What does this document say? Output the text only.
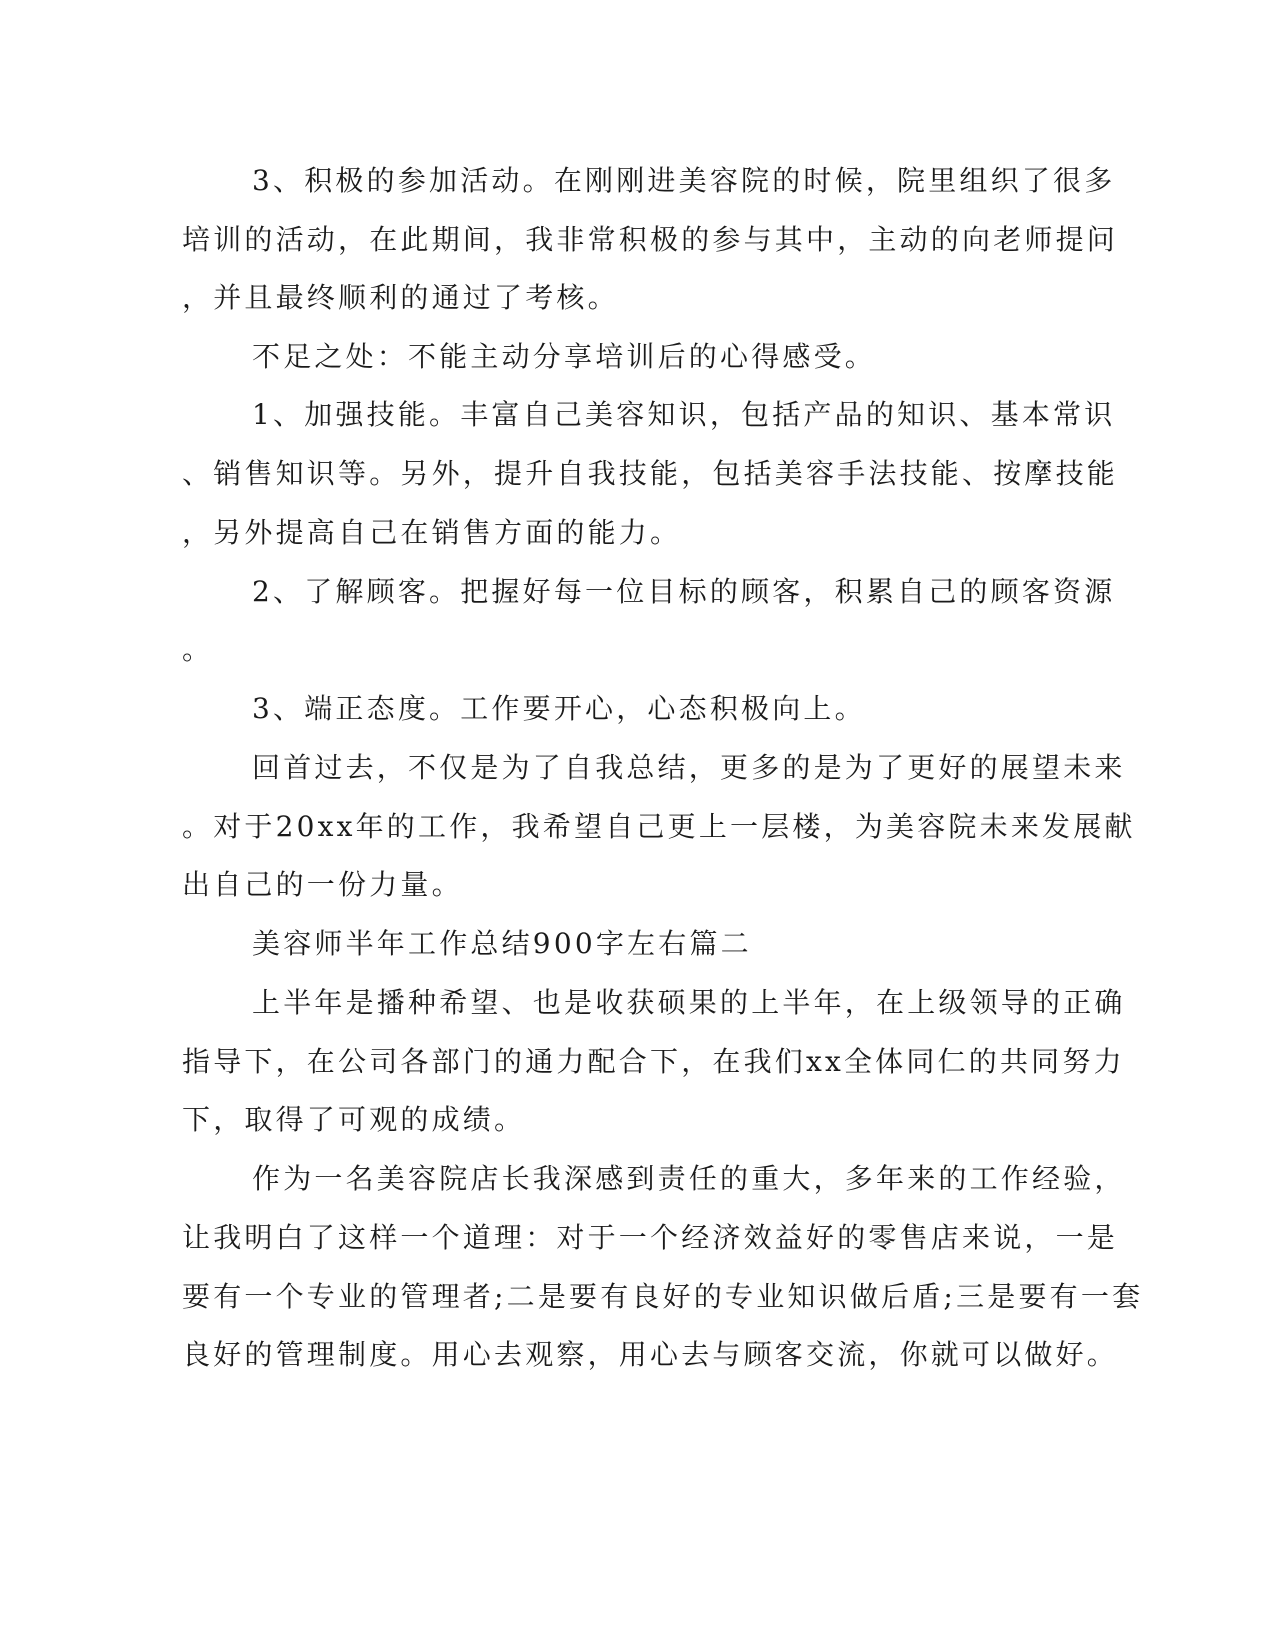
3、积极的参加活动。在刚刚进美容院的时候，院里组织了很多
培训的活动，在此期间，我非常积极的参与其中，主动的向老师提问
，并且最终顺利的通过了考核。
不足之处：不能主动分享培训后的心得感受。
1、加强技能。丰富自己美容知识，包括产品的知识、基本常识
、销售知识等。另外，提升自我技能，包括美容手法技能、按摩技能
，另外提高自己在销售方面的能力。
2、了解顾客。把握好每一位目标的顾客，积累自己的顾客资源
。
3、端正态度。工作要开心，心态积极向上。
回首过去，不仅是为了自我总结，更多的是为了更好的展望未来
。对于20xx年的工作，我希望自己更上一层楼，为美容院未来发展献
出自己的一份力量。
美容师半年工作总结900字左右篇二
上半年是播种希望、也是收获硕果的上半年，在上级领导的正确
指导下，在公司各部门的通力配合下，在我们xx全体同仁的共同努力
下，取得了可观的成绩。
作为一名美容院店长我深感到责任的重大，多年来的工作经验，
让我明白了这样一个道理：对于一个经济效益好的零售店来说，一是
要有一个专业的管理者;二是要有良好的专业知识做后盾;三是要有一套
良好的管理制度。用心去观察，用心去与顾客交流，你就可以做好。
